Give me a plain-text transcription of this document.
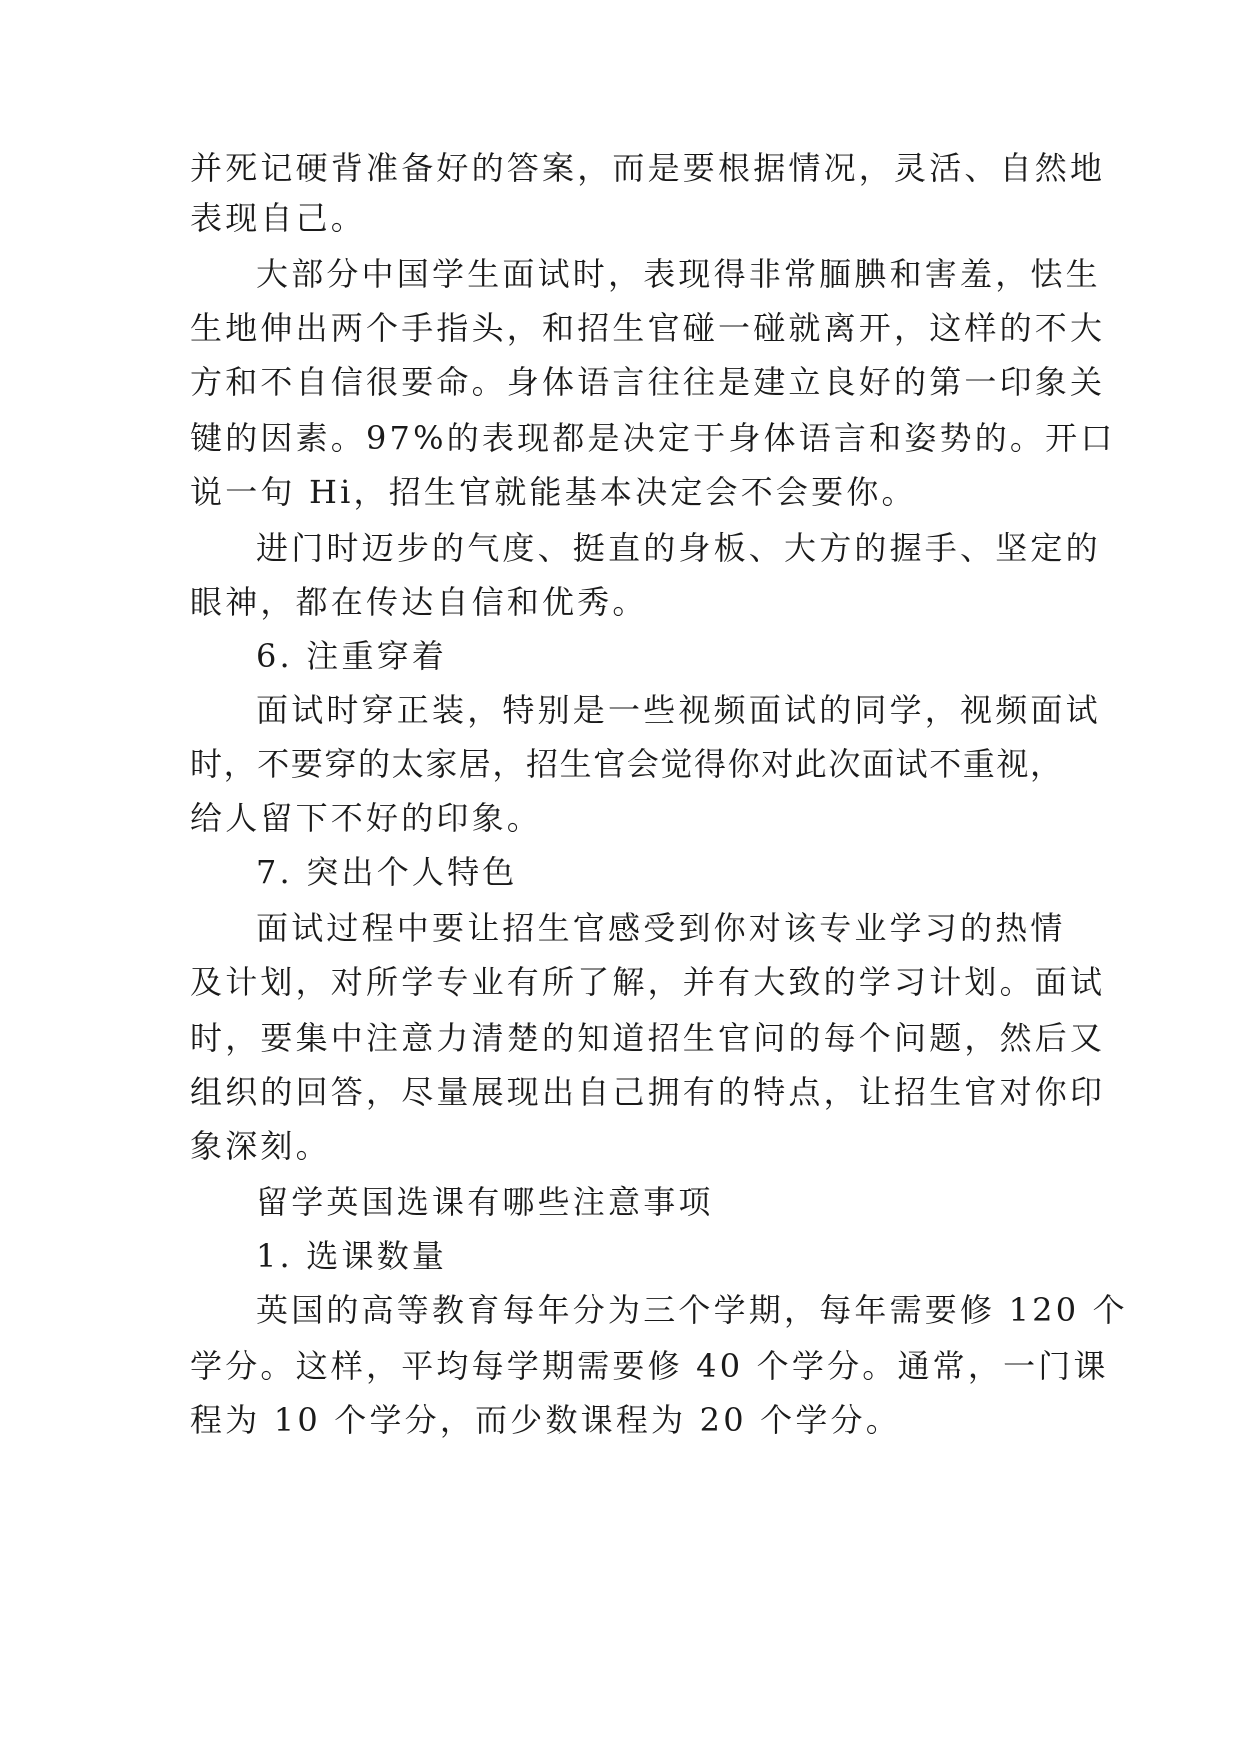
并死记硬背准备好的答案，而是要根据情况，灵活、自然地
表现自己。
大部分中国学生面试时，表现得非常腼腆和害羞，怯生
生地伸出两个手指头，和招生官碰一碰就离开，这样的不大
方和不自信很要命。身体语言往往是建立良好的第一印象关
键的因素。97%的表现都是决定于身体语言和姿势的。开口
说一句 Hi，招生官就能基本决定会不会要你。
进门时迈步的气度、挺直的身板、大方的握手、坚定的
眼神，都在传达自信和优秀。
6. 注重穿着
面试时穿正装，特别是一些视频面试的同学，视频面试
时，不要穿的太家居，招生官会觉得你对此次面试不重视，
给人留下不好的印象。
7. 突出个人特色
面试过程中要让招生官感受到你对该专业学习的热情
及计划，对所学专业有所了解，并有大致的学习计划。面试
时，要集中注意力清楚的知道招生官问的每个问题，然后又
组织的回答，尽量展现出自己拥有的特点，让招生官对你印
象深刻。
留学英国选课有哪些注意事项
1. 选课数量
英国的高等教育每年分为三个学期，每年需要修 120 个
学分。这样，平均每学期需要修 40 个学分。通常，一门课
程为 10 个学分，而少数课程为 20 个学分。
